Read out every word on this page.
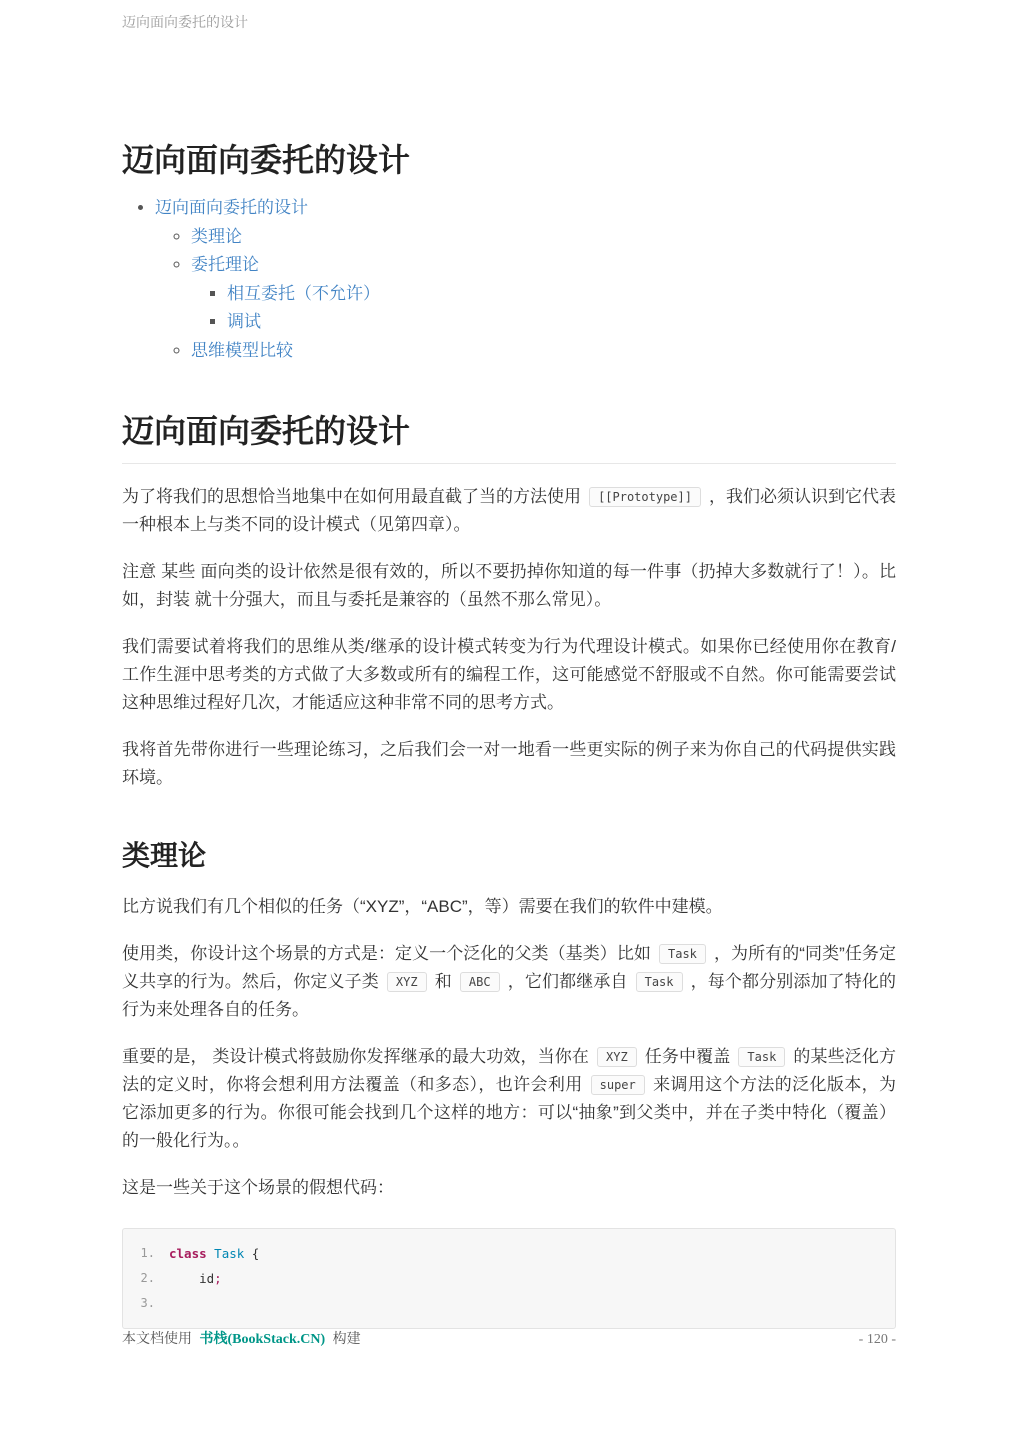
迈向面向委托的设计
迈向面向委托的设计
• 迈向面向委托的设计
◦ 类理论
◦ 委托理论
▪ 相互委托（不允许）
▪ 调试
◦ 思维模型比较
迈向面向委托的设计

为了将我们的思想恰当地集中在如何用最直截了当的方法使用 [[Prototype]] ，我们必须认识到它代表一种根本上与类不同的设计模式（见第四章）。

注意 某些 面向类的设计依然是很有效的，所以不要扔掉你知道的每一件事（扔掉大多数就行了！）。比如，封装 就十分强大，而且与委托是兼容的（虽然不那么常见）。

我们需要试着将我们的思维从类/继承的设计模式转变为行为代理设计模式。如果你已经使用你在教育/工作生涯中思考类的方式做了大多数或所有的编程工作，这可能感觉不舒服或不自然。你可能需要尝试这种思维过程好几次，才能适应这种非常不同的思考方式。

我将首先带你进行一些理论练习，之后我们会一对一地看一些更实际的例子来为你自己的代码提供实践环境。

类理论

比方说我们有几个相似的任务（“XYZ”，“ABC”，等）需要在我们的软件中建模。

使用类，你设计这个场景的方式是：定义一个泛化的父类（基类）比如 Task ，为所有的“同类”任务定义共享的行为。然后，你定义子类 XYZ 和 ABC ，它们都继承自 Task ，每个都分别添加了特化的行为来处理各自的任务。

重要的是， 类设计模式将鼓励你发挥继承的最大功效，当你在 XYZ 任务中覆盖 Task 的某些泛化方法的定义时，你将会想利用方法覆盖（和多态），也许会利用 super 来调用这个方法的泛化版本，为它添加更多的行为。你很可能会找到几个这样的地方：可以“抽象”到父类中，并在子类中特化（覆盖）的一般化行为。。

这是一些关于这个场景的假想代码：

1.	class Task {
2.	id;
3.
本文档使用 书栈(BookStack.CN) 构建	- 120 -
